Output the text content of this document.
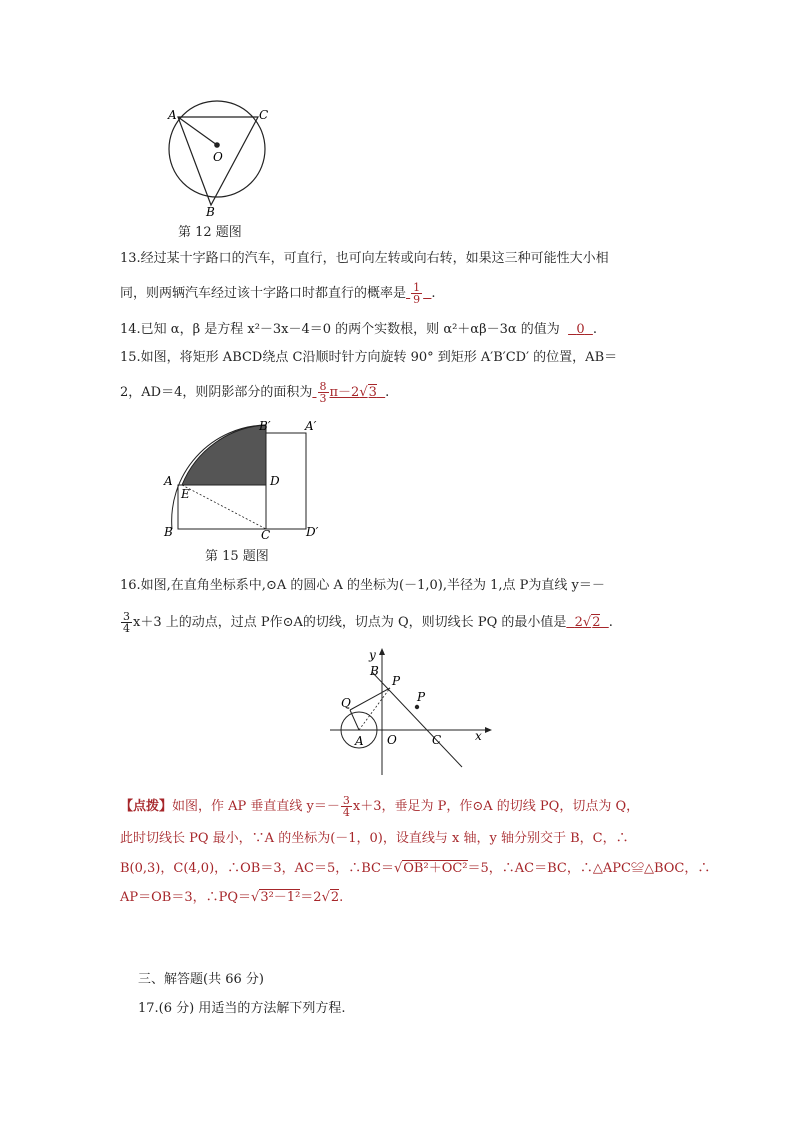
A	C
O
B
第 12 题图
13.经过某十字路口的汽车，可直行，也可向左转或向右转，如果这三种可能性大小相
同，则两辆汽车经过该十字路口时都直行的概率是 $\frac{1}{9}$ .
14.已知 α，β 是方程 x²－3x－4＝0 的两个实数根，则 α²＋αβ－3α 的值为 0 .
15.如图，将矩形 ABCD绕点 C沿顺时针方向旋转 90° 到矩形 A′B′CD′ 的位置，AB＝
2，AD＝4，则阴影部分的面积为 $\frac{8}{3} \pi-2√3$ .
B′	A′
A
E
D
B	C	D′
第 15 题图
16.如图,在直角坐标系中,⊙A 的圆心 A 的坐标为(－1,0),半径为 1,点 P为直线 y＝－
$\frac{3}{4} x+3$ 上的动点，过点 P作⊙A的切线，切点为 Q，则切线长 PQ 的最小值是 2√2 .
y
B
P
P
Q
A O	C	x
【点拨】如图，作 AP 垂直直线 $y=- \frac{3}{4} x+3$，垂足为 P，作⊙A 的切线 PQ，切点为 Q，
此时切线长 PQ 最小，∵A 的坐标为(－1，0)，设直线与 x 轴，y 轴分别交于 B，C，∴
B(0,3)，C(4,0)，∴OB＝3，AC＝5，∴BC＝√OB²＋OC²＝5，∴AC＝BC，∴△APC≌△BOC，∴
AP＝OB＝3，∴PQ＝√3²－1²＝2√2.
三、解答题(共 66 分)
17.(6 分) 用适当的方法解下列方程.
